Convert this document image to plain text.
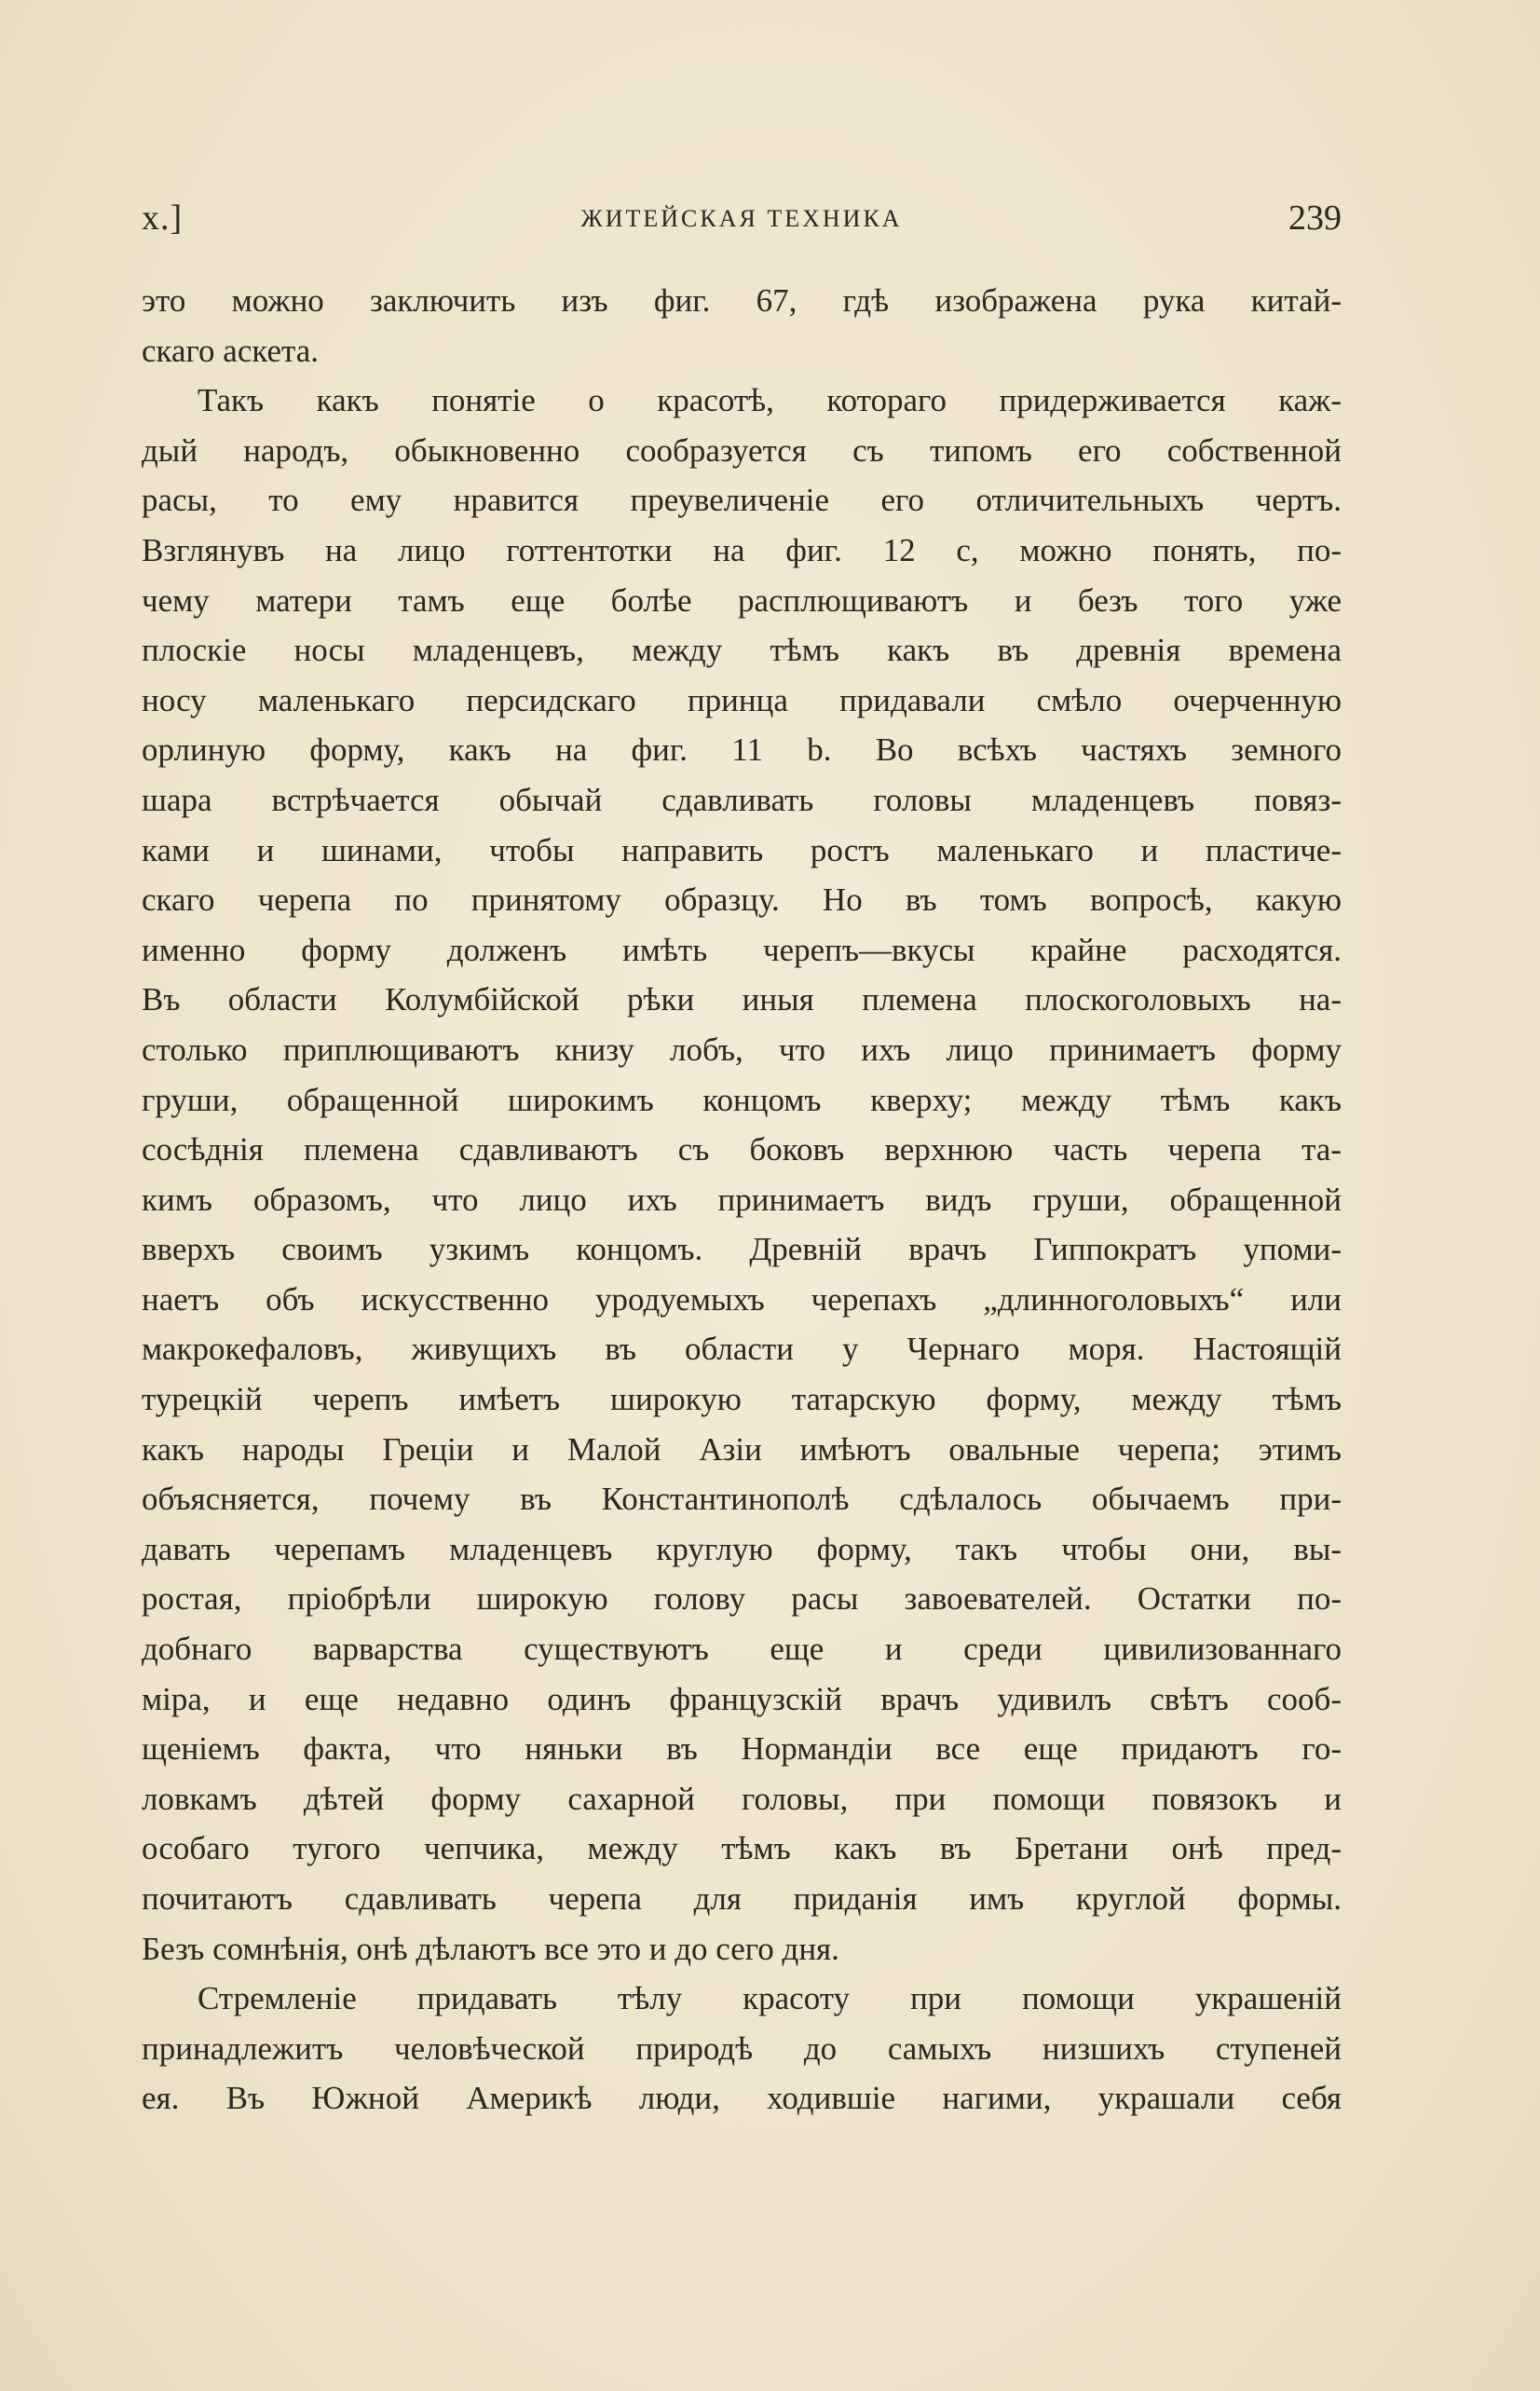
x.]	ЖИТЕЙСКАЯ ТЕХНИКА	239
это можно заключить изъ фиг. 67, гдѣ изображена рука китай-
скаго аскета.
Такъ какъ понятіе о красотѣ, котораго придерживается каж-
дый народъ, обыкновенно сообразуется съ типомъ его собственной
расы, то ему нравится преувеличеніе его отличительныхъ чертъ.
Взглянувъ на лицо готтентотки на фиг. 12 с, можно понять, по-
чему матери тамъ еще болѣе расплющиваютъ и безъ того уже
плоскіе носы младенцевъ, между тѣмъ какъ въ древнія времена
носу маленькаго персидскаго принца придавали смѣло очерченную
орлиную форму, какъ на фиг. 11 b. Во всѣхъ частяхъ земного
шара встрѣчается обычай сдавливать головы младенцевъ повяз-
ками и шинами, чтобы направить ростъ маленькаго и пластиче-
скаго черепа по принятому образцу. Но въ томъ вопросѣ, какую
именно форму долженъ имѣть черепъ—вкусы крайне расходятся.
Въ области Колумбійской рѣки иныя племена плоскоголовыхъ на-
столько приплющиваютъ книзу лобъ, что ихъ лицо принимаетъ форму
груши, обращенной широкимъ концомъ кверху; между тѣмъ какъ
сосѣднія племена сдавливаютъ съ боковъ верхнюю часть черепа та-
кимъ образомъ, что лицо ихъ принимаетъ видъ груши, обращенной
вверхъ своимъ узкимъ концомъ. Древній врачъ Гиппократъ упоми-
наетъ объ искусственно уродуемыхъ черепахъ „длинноголовыхъ“ или
макрокефаловъ, живущихъ въ области у Чернаго моря. Настоящій
турецкій черепъ имѣетъ широкую татарскую форму, между тѣмъ
какъ народы Греціи и Малой Азіи имѣютъ овальные черепа; этимъ
объясняется, почему въ Константинополѣ сдѣлалось обычаемъ при-
давать черепамъ младенцевъ круглую форму, такъ чтобы они, вы-
ростая, пріобрѣли широкую голову расы завоевателей. Остатки по-
добнаго варварства существуютъ еще и среди цивилизованнаго
міра, и еще недавно одинъ французскій врачъ удивилъ свѣтъ сооб-
щеніемъ факта, что няньки въ Нормандіи все еще придаютъ го-
ловкамъ дѣтей форму сахарной головы, при помощи повязокъ и
особаго тугого чепчика, между тѣмъ какъ въ Бретани онѣ пред-
почитаютъ сдавливать черепа для приданія имъ круглой формы.
Безъ сомнѣнія, онѣ дѣлаютъ все это и до сего дня.
Стремленіе придавать тѣлу красоту при помощи украшеній
принадлежитъ человѣческой природѣ до самыхъ низшихъ ступеней
ея. Въ Южной Америкѣ люди, ходившіе нагими, украшали себя
